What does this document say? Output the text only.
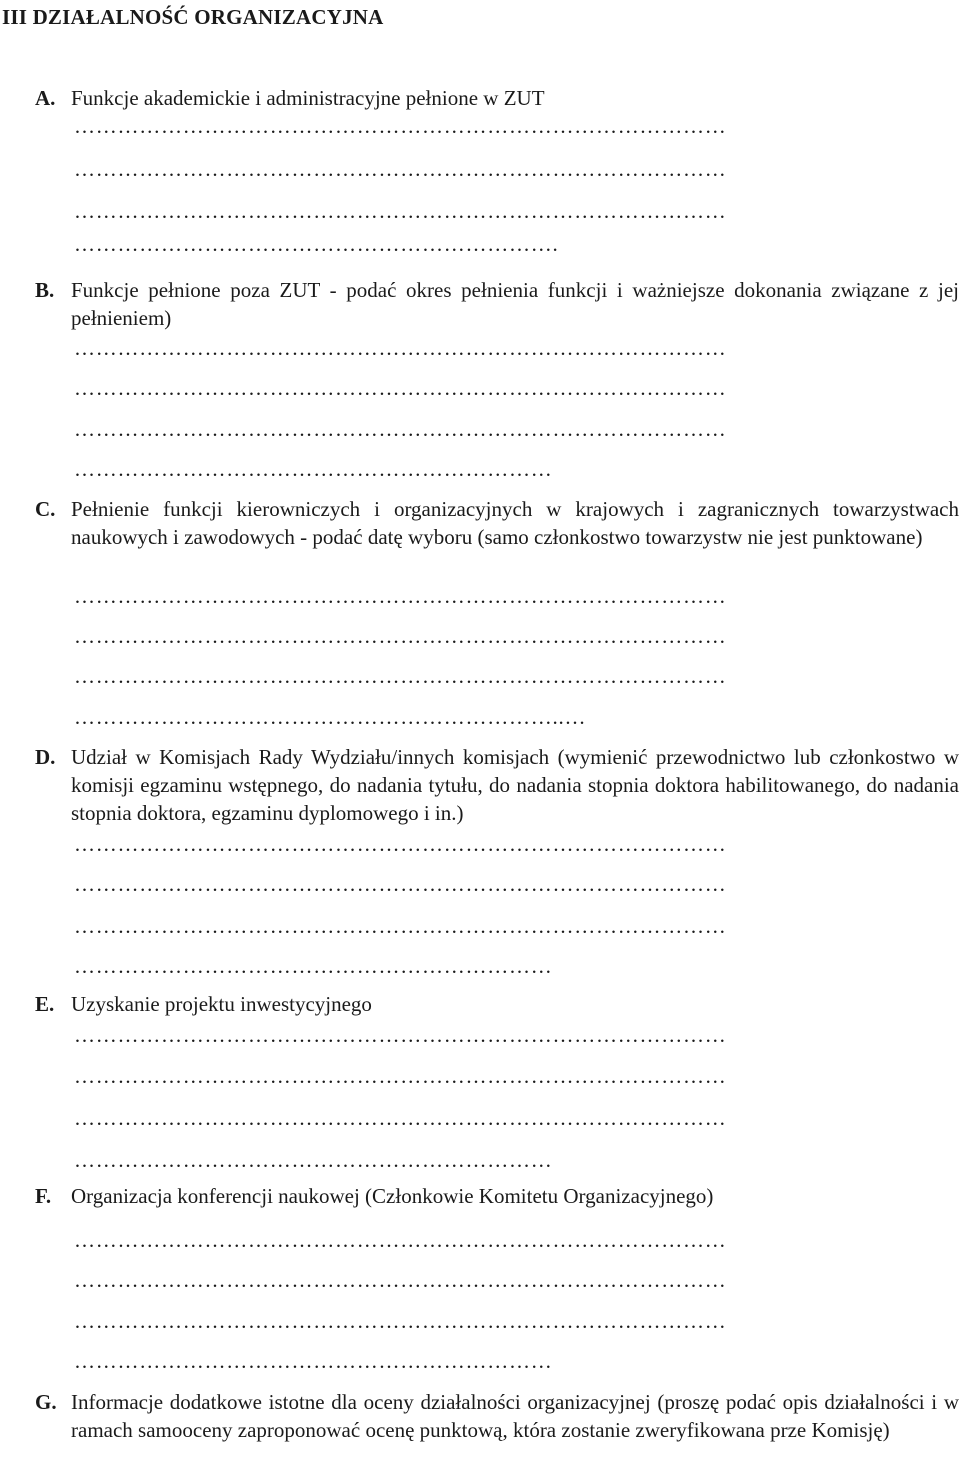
III DZIAŁALNOŚĆ ORGANIZACYJNA
A. Funkcje akademickie i administracyjne pełnione w ZUT
………………………………………………………………………………
………………………………………………………………………………
………………………………………………………………………………
………………………………………………………….
B. Funkcje pełnione poza ZUT - podać okres pełnienia funkcji i ważniejsze dokonania związane z jej pełnieniem)
………………………………………………………………………………
………………………………………………………………………………
………………………………………………………………………………
…………………………………………………………
C. Pełnienie funkcji kierowniczych i organizacyjnych w krajowych i zagranicznych towarzystwach naukowych i zawodowych - podać datę wyboru (samo członkostwo towarzystw nie jest punktowane)
………………………………………………………………………………
………………………………………………………………………………
………………………………………………………………………………
…………………………………………………………..…
D. Udział w Komisjach Rady Wydziału/innych komisjach (wymienić przewodnictwo lub członkostwo w komisji egzaminu wstępnego, do nadania tytułu, do nadania stopnia doktora habilitowanego, do nadania stopnia doktora, egzaminu dyplomowego i in.)
………………………………………………………………………………
………………………………………………………………………………
………………………………………………………………………………
…………………………………………………………
E. Uzyskanie projektu inwestycyjnego
………………………………………………………………………………
………………………………………………………………………………
………………………………………………………………………………
…………………………………………………………
F. Organizacja konferencji naukowej (Członkowie Komitetu Organizacyjnego)
………………………………………………………………………………
………………………………………………………………………………
………………………………………………………………………………
…………………………………………………………
G. Informacje dodatkowe istotne dla oceny działalności organizacyjnej (proszę podać opis działalności i w ramach samooceny zaproponować ocenę punktową, która zostanie zweryfikowana prze Komisję)
